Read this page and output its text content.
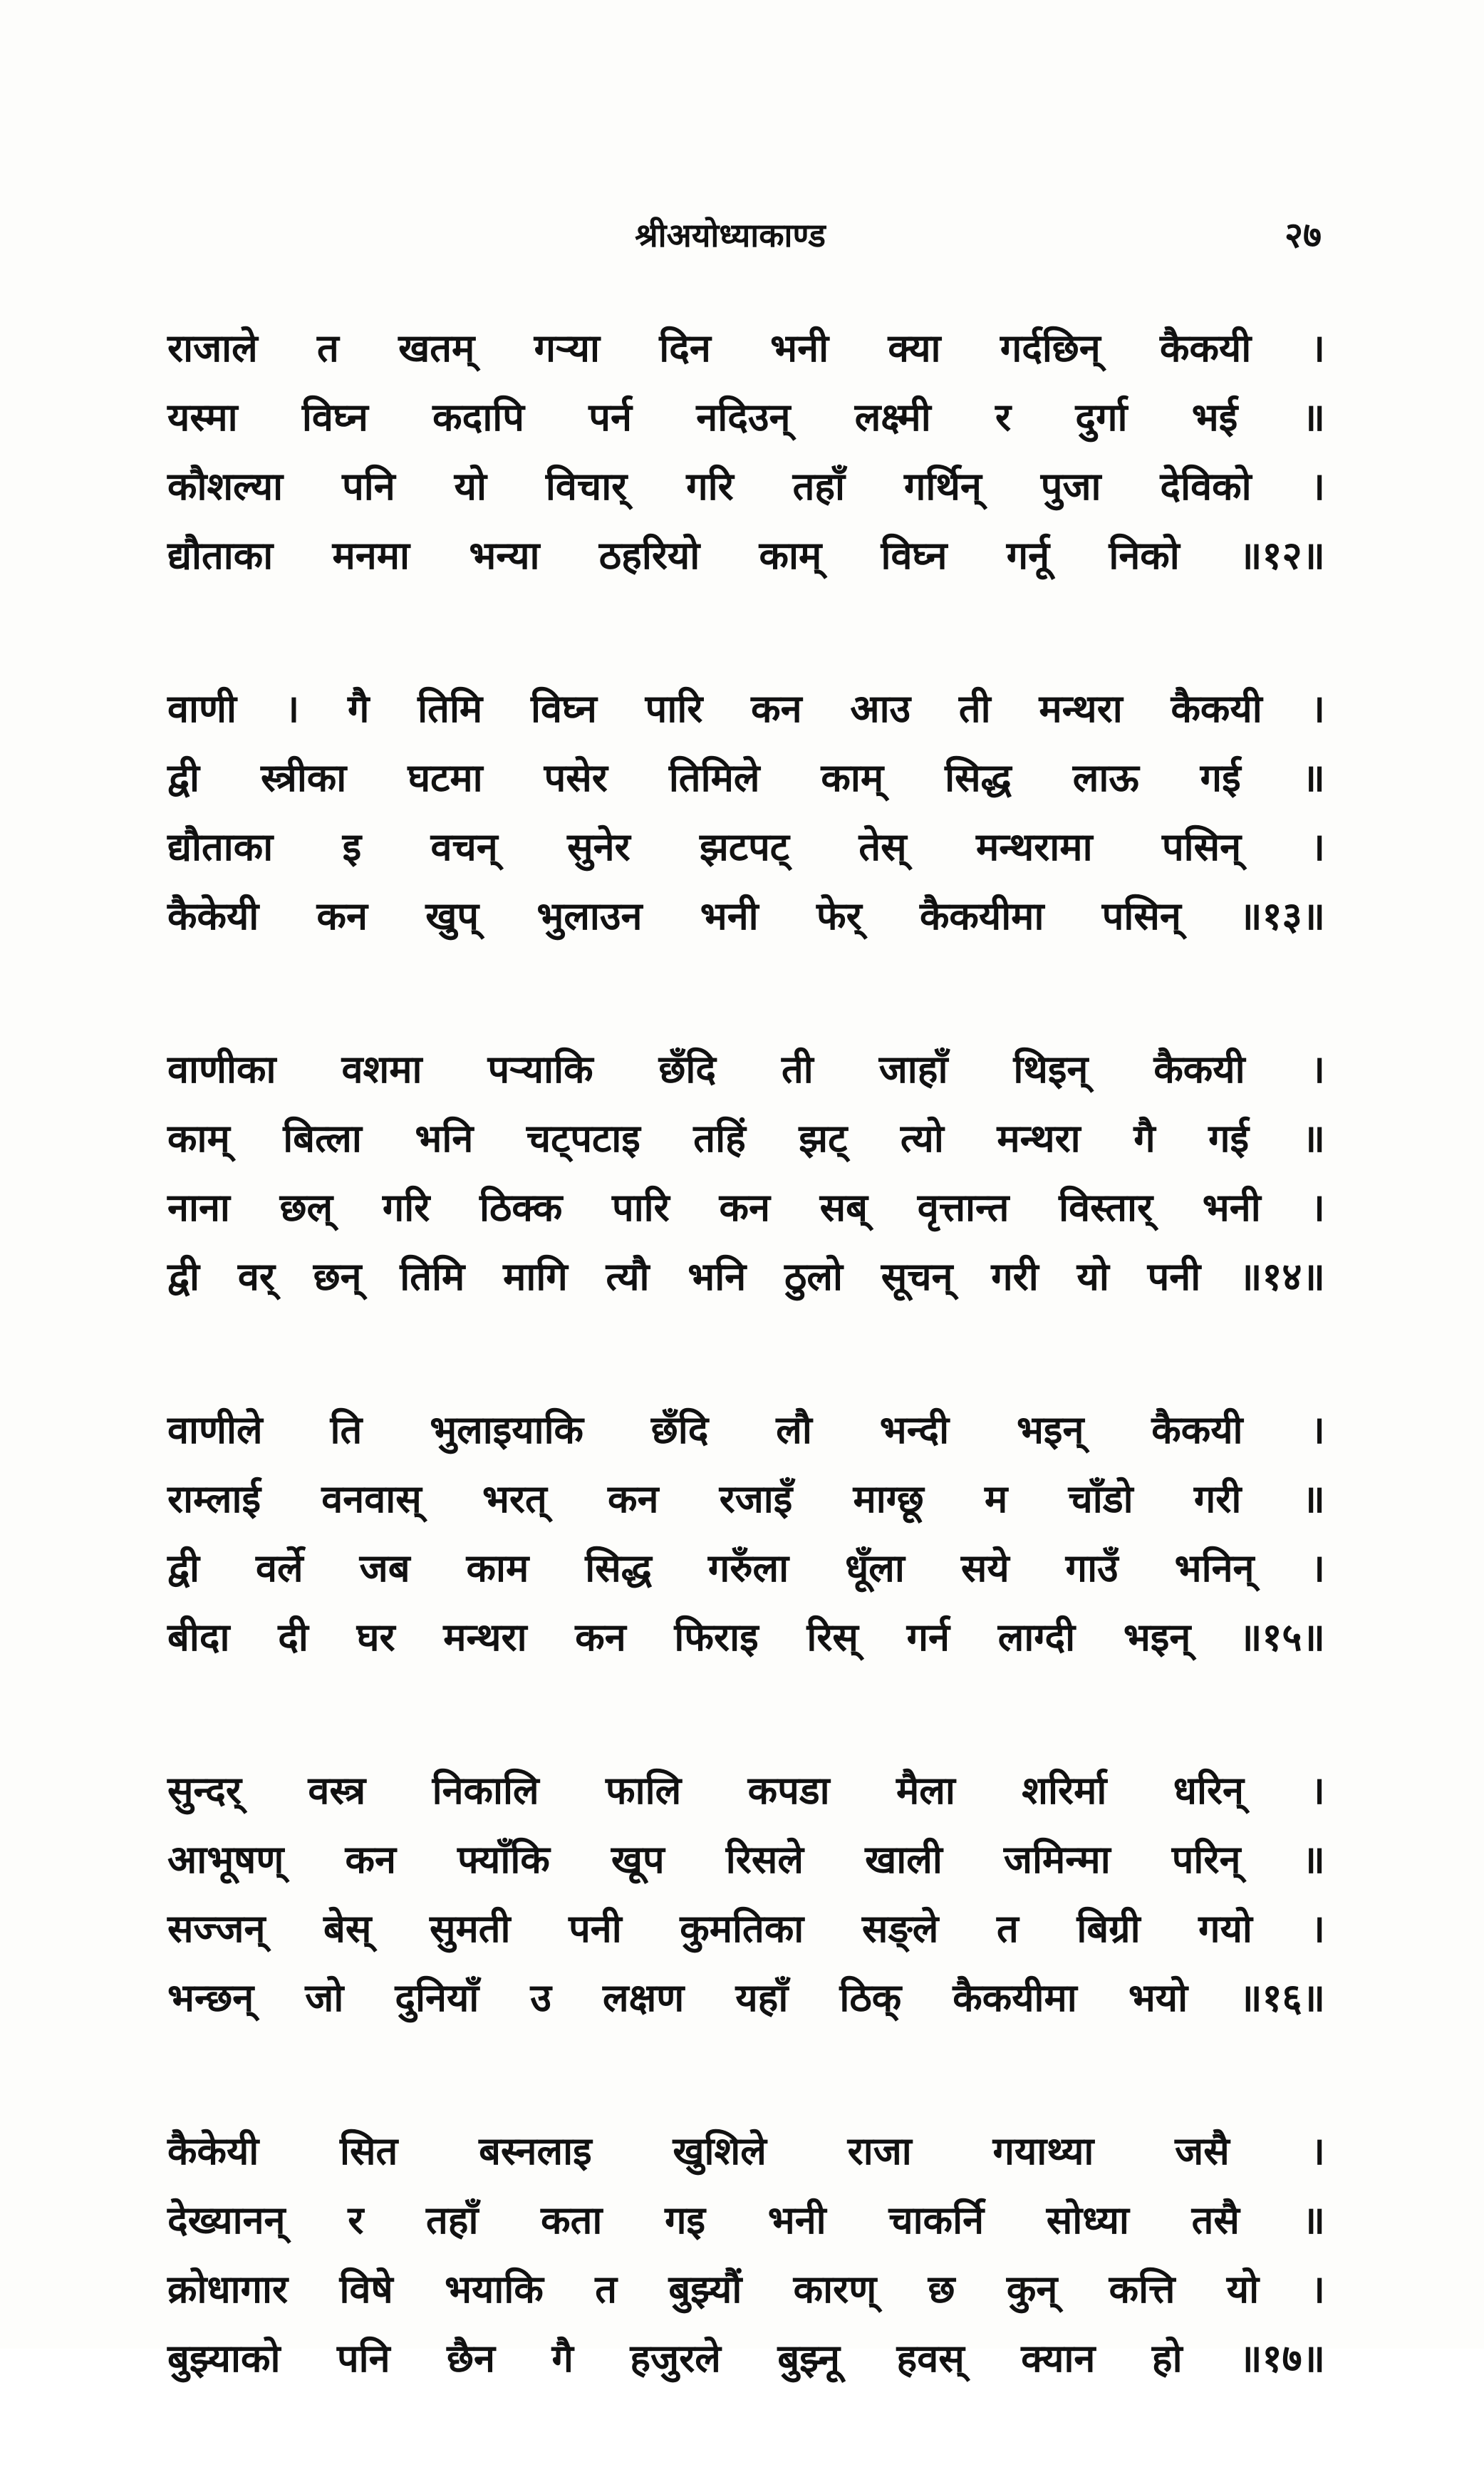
श्रीअयोध्याकाण्ड	२७
राजाले त खतम् गऱ्या दिन भनी क्या गर्दछिन् कैकयी ।
यस्मा विघ्न कदापि पर्न नदिउन् लक्ष्मी र दुर्गा भई ॥
कौशल्या पनि यो विचार् गरि तहाँ गर्थिन् पुजा देविको ।
द्यौताका मनमा भन्या ठहरियो काम् विघ्न गर्नू निको ॥१२॥
वाणी । गै तिमि विघ्न पारि कन आउ ती मन्थरा कैकयी ।
द्वी स्त्रीका घटमा पसेर तिमिले काम् सिद्ध लाऊ गई ॥
द्यौताका इ वचन् सुनेर झटपट् तेस् मन्थरामा पसिन् ।
कैकेयी कन खुप् भुलाउन भनी फेर् कैकयीमा पसिन् ॥१३॥
वाणीका वशमा पऱ्याकि छँदि ती जाहाँ थिइन् कैकयी ।
काम् बित्ला भनि चट्पटाइ तहिं झट् त्यो मन्थरा गै गई ॥
नाना छल् गरि ठिक्क पारि कन सब् वृत्तान्त विस्तार् भनी ।
द्वी वर् छन् तिमि मागि त्यौ भनि ठुलो सूचन् गरी यो पनी ॥१४॥
वाणीले ति भुलाइयाकि छँदि लौ भन्दी भइन् कैकयी ।
राम्लाई वनवास् भरत् कन रजाइँ माग्छू म चाँडो गरी ॥
द्वी वर्ले जब काम सिद्ध गरुँला धूँला सये गाउँ भनिन् ।
बीदा दी घर मन्थरा कन फिराइ रिस् गर्न लाग्दी भइन् ॥१५॥
सुन्दर् वस्त्र निकालि फालि कपडा मैला शरिर्मा धरिन् ।
आभूषण् कन फ्याँकि खूप रिसले खाली जमिन्मा परिन् ॥
सज्जन् बेस् सुमती पनी कुमतिका सङ्ले त बिग्री गयो ।
भन्छन् जो दुनियाँ उ लक्षण यहाँ ठिक् कैकयीमा भयो ॥१६॥
कैकेयी सित बस्नलाइ खुशिले राजा गयाथ्या जसै ।
देख्यानन् र तहाँ कता गइ भनी चाकर्नि सोध्या तसै ॥
क्रोधागार विषे भयाकि त बुझ्यौं कारण् छ कुन् कत्ति यो ।
बुझ्याको पनि छैन गै हजुरले बुझ्नू हवस् क्यान हो ॥१७॥
